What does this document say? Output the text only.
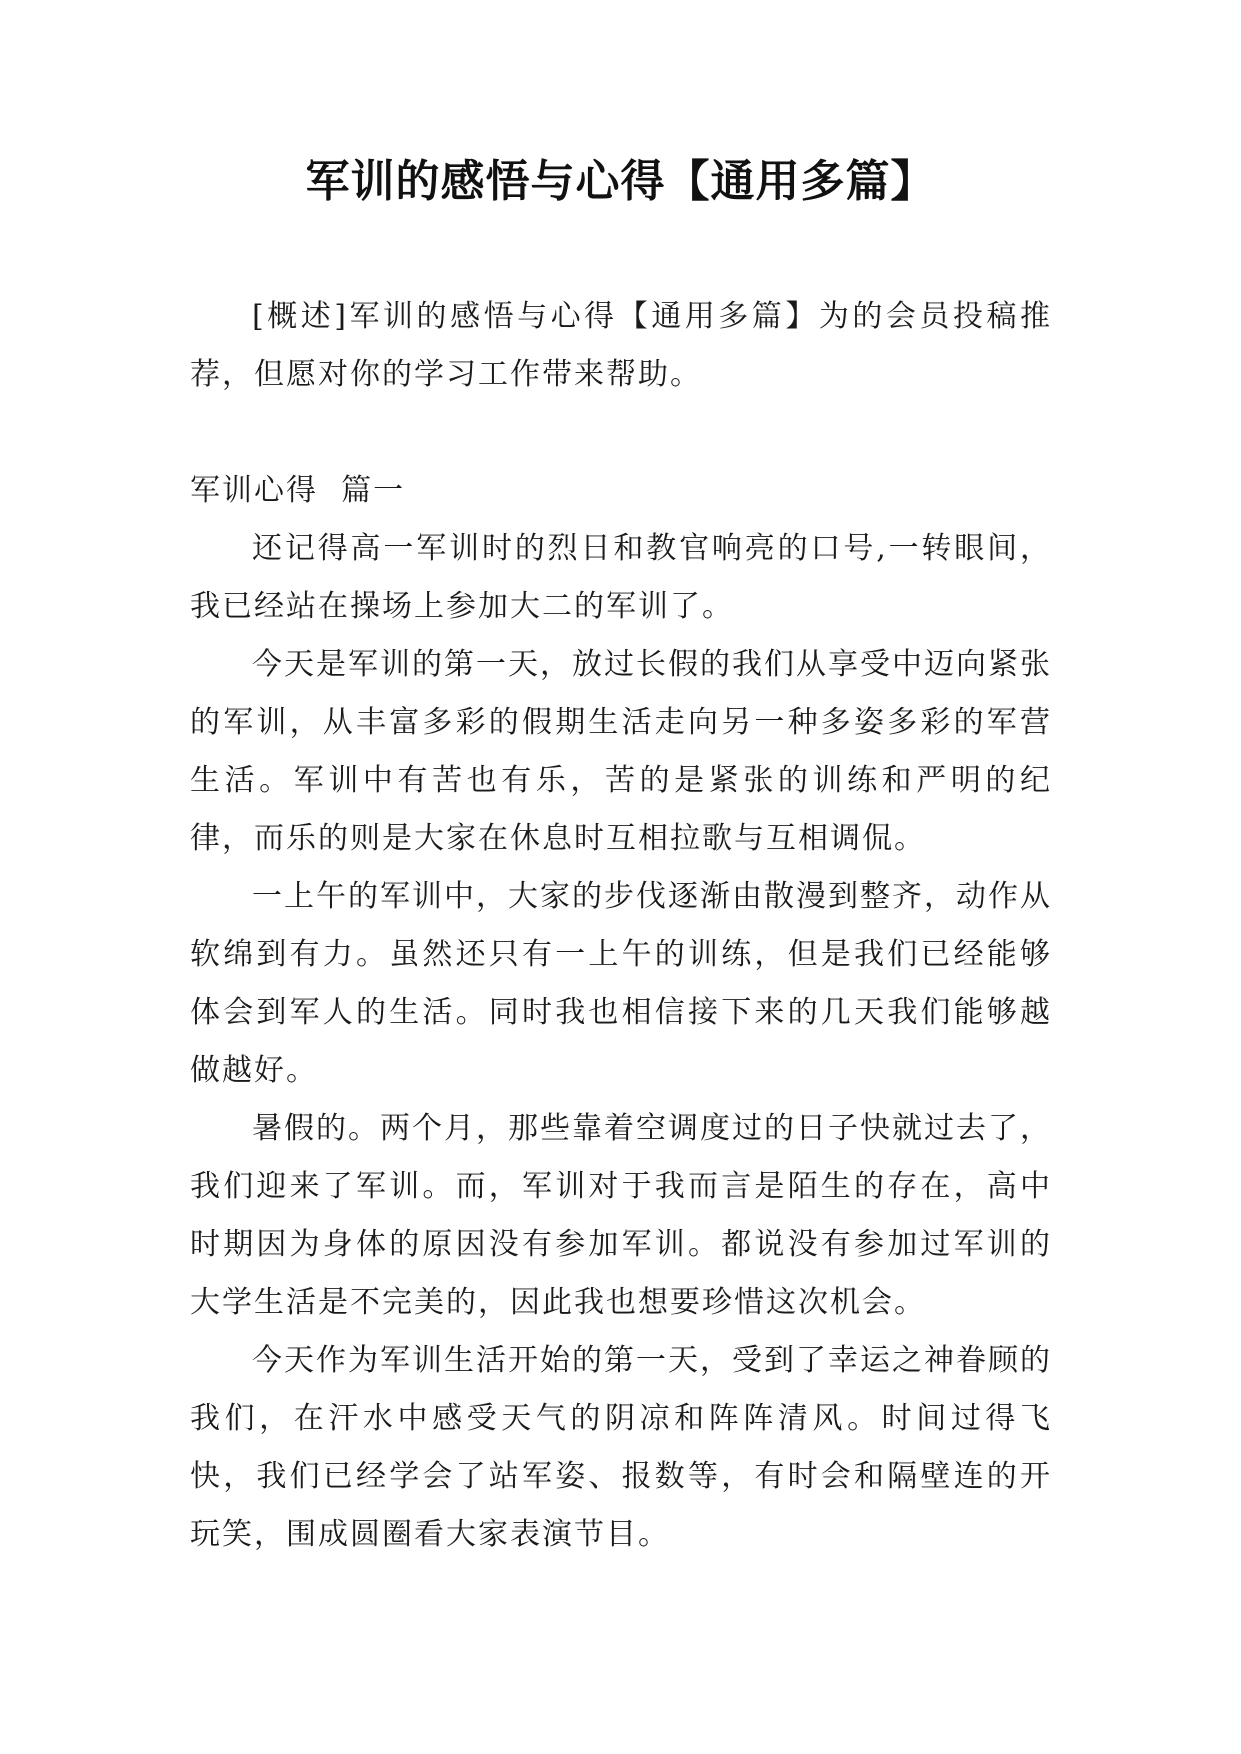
军训的感悟与心得【通用多篇】

[概述]军训的感悟与心得【通用多篇】为的会员投稿推荐，但愿对你的学习工作带来帮助。

军训心得  篇一

还记得高一军训时的烈日和教官响亮的口号,一转眼间，我已经站在操场上参加大二的军训了。

今天是军训的第一天，放过长假的我们从享受中迈向紧张的军训，从丰富多彩的假期生活走向另一种多姿多彩的军营生活。军训中有苦也有乐，苦的是紧张的训练和严明的纪律，而乐的则是大家在休息时互相拉歌与互相调侃。

一上午的军训中，大家的步伐逐渐由散漫到整齐，动作从软绵到有力。虽然还只有一上午的训练，但是我们已经能够体会到军人的生活。同时我也相信接下来的几天我们能够越做越好。

暑假的。两个月，那些靠着空调度过的日子快就过去了，我们迎来了军训。而，军训对于我而言是陌生的存在，高中时期因为身体的原因没有参加军训。都说没有参加过军训的大学生活是不完美的，因此我也想要珍惜这次机会。

今天作为军训生活开始的第一天，受到了幸运之神眷顾的我们，在汗水中感受天气的阴凉和阵阵清风。时间过得飞快，我们已经学会了站军姿、报数等，有时会和隔壁连的开玩笑，围成圆圈看大家表演节目。
